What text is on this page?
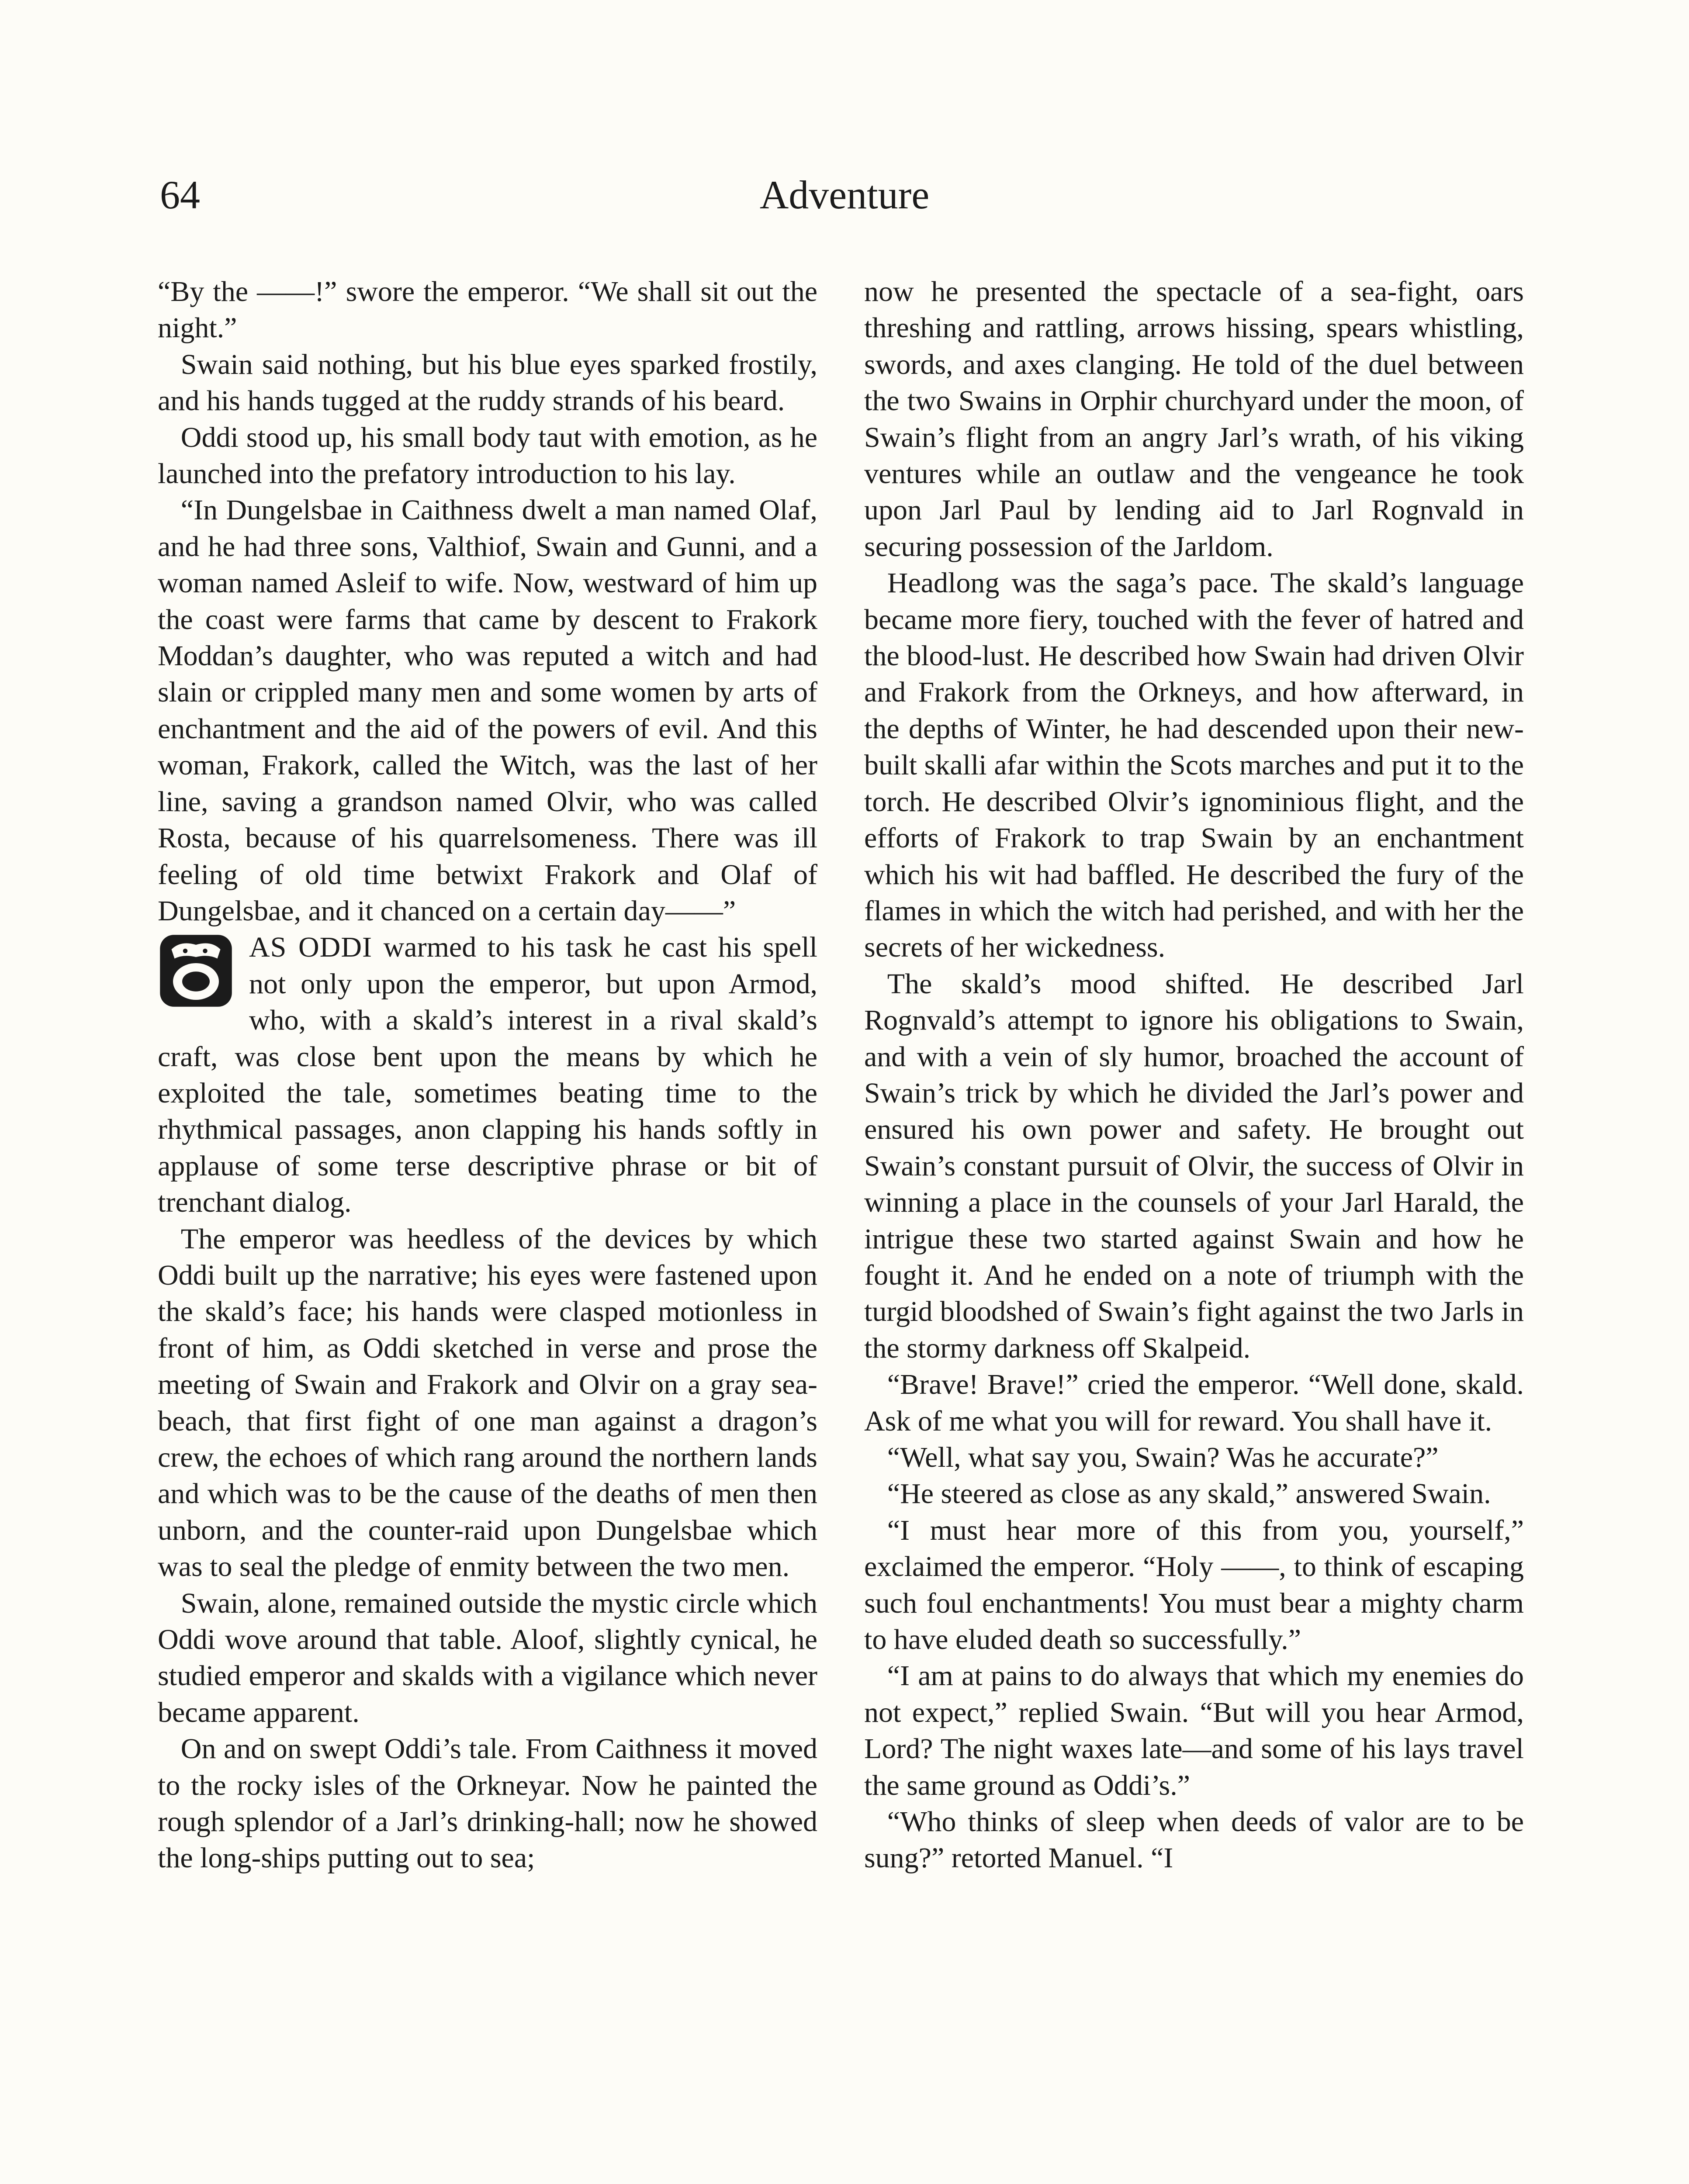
64	Adventure

“By the ——!” swore the emperor. “We shall sit out the night.”

Swain said nothing, but his blue eyes sparked frostily, and his hands tugged at the ruddy strands of his beard.

Oddi stood up, his small body taut with emotion, as he launched into the prefatory introduction to his lay.

“In Dungelsbae in Caithness dwelt a man named Olaf, and he had three sons, Valthiof, Swain and Gunni, and a woman named Asleif to wife. Now, westward of him up the coast were farms that came by descent to Frakork Moddan’s daughter, who was reputed a witch and had slain or crippled many men and some women by arts of enchantment and the aid of the powers of evil. And this woman, Frakork, called the Witch, was the last of her line, saving a grandson named Olvir, who was called Rosta, because of his quarrelsomeness. There was ill feeling of old time betwixt Frakork and Olaf of Dungelsbae, and it chanced on a certain day——”

AS ODDI warmed to his task he cast his spell not only upon the emperor, but upon Armod, who, with a skald’s interest in a rival skald’s craft, was close bent upon the means by which he exploited the tale, sometimes beating time to the rhythmical passages, anon clapping his hands softly in applause of some terse descriptive phrase or bit of trenchant dialog.

The emperor was heedless of the devices by which Oddi built up the narrative; his eyes were fastened upon the skald’s face; his hands were clasped motionless in front of him, as Oddi sketched in verse and prose the meeting of Swain and Frakork and Olvir on a gray sea-beach, that first fight of one man against a dragon’s crew, the echoes of which rang around the northern lands and which was to be the cause of the deaths of men then unborn, and the counter-raid upon Dungelsbae which was to seal the pledge of enmity between the two men.

Swain, alone, remained outside the mystic circle which Oddi wove around that table. Aloof, slightly cynical, he studied emperor and skalds with a vigilance which never became apparent.

On and on swept Oddi’s tale. From Caithness it moved to the rocky isles of the Orkneyar. Now he painted the rough splendor of a Jarl’s drinking-hall; now he showed the long-ships putting out to sea;

now he presented the spectacle of a sea-fight, oars threshing and rattling, arrows hissing, spears whistling, swords, and axes clanging. He told of the duel between the two Swains in Orphir churchyard under the moon, of Swain’s flight from an angry Jarl’s wrath, of his viking ventures while an outlaw and the vengeance he took upon Jarl Paul by lending aid to Jarl Rognvald in securing possession of the Jarldom.

Headlong was the saga’s pace. The skald’s language became more fiery, touched with the fever of hatred and the blood-lust. He described how Swain had driven Olvir and Frakork from the Orkneys, and how afterward, in the depths of Winter, he had descended upon their new-built skalli afar within the Scots marches and put it to the torch. He described Olvir’s ignominious flight, and the efforts of Frakork to trap Swain by an enchantment which his wit had baffled. He described the fury of the flames in which the witch had perished, and with her the secrets of her wickedness.

The skald’s mood shifted. He described Jarl Rognvald’s attempt to ignore his obligations to Swain, and with a vein of sly humor, broached the account of Swain’s trick by which he divided the Jarl’s power and ensured his own power and safety. He brought out Swain’s constant pursuit of Olvir, the success of Olvir in winning a place in the counsels of your Jarl Harald, the intrigue these two started against Swain and how he fought it. And he ended on a note of triumph with the turgid bloodshed of Swain’s fight against the two Jarls in the stormy darkness off Skalpeid.

“Brave! Brave!” cried the emperor. “Well done, skald. Ask of me what you will for reward. You shall have it.

“Well, what say you, Swain? Was he accurate?”

“He steered as close as any skald,” answered Swain.

“I must hear more of this from you, yourself,” exclaimed the emperor. “Holy ——, to think of escaping such foul enchantments! You must bear a mighty charm to have eluded death so successfully.”

“I am at pains to do always that which my enemies do not expect,” replied Swain. “But will you hear Armod, Lord? The night waxes late—and some of his lays travel the same ground as Oddi’s.”

“Who thinks of sleep when deeds of valor are to be sung?” retorted Manuel. “I
